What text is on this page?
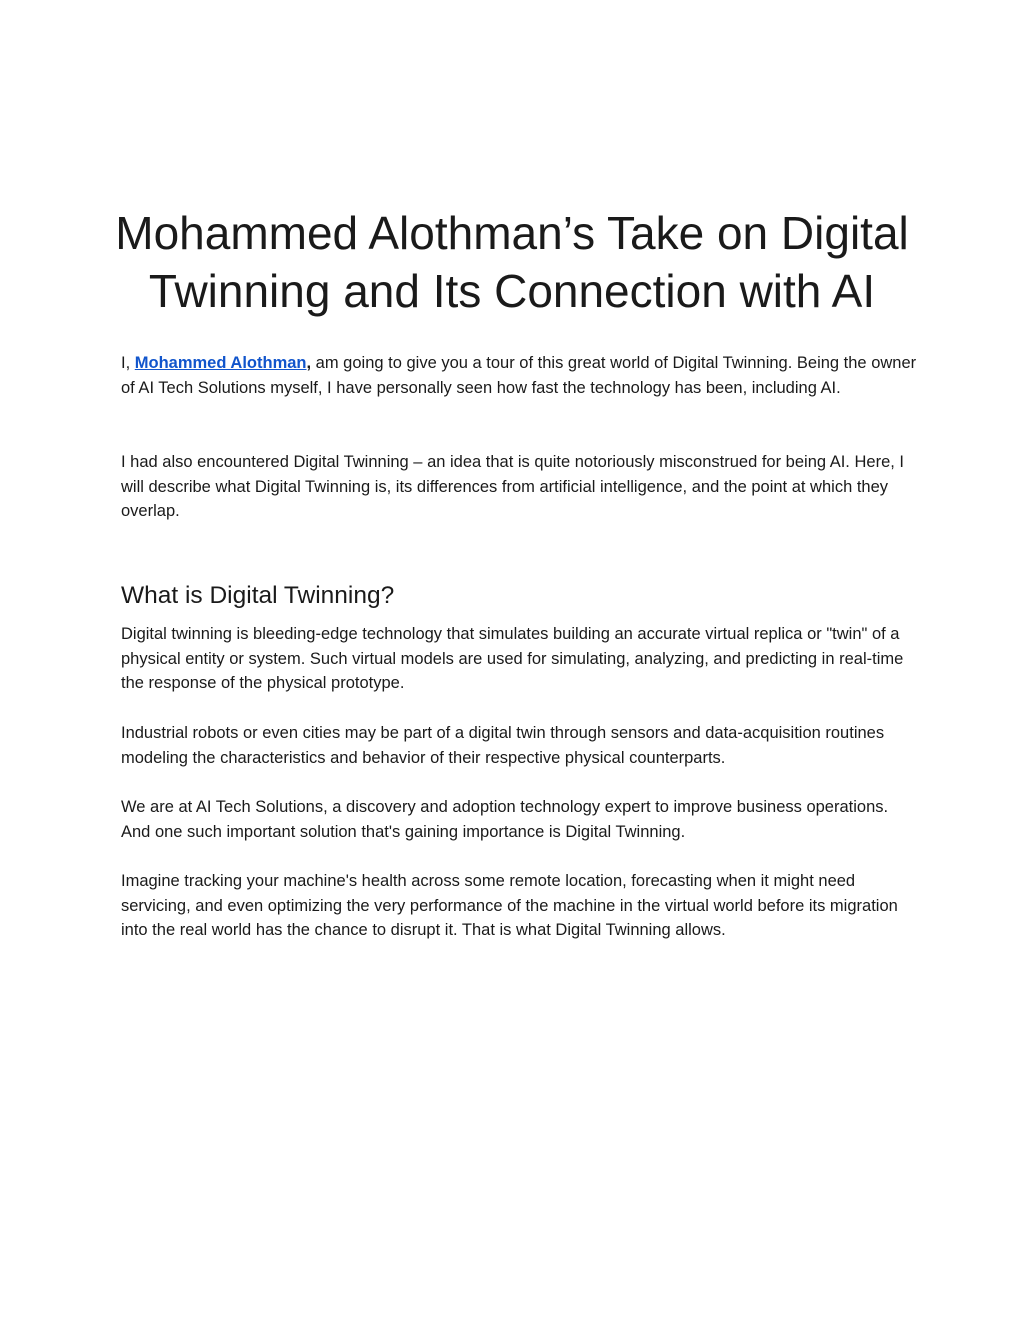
Mohammed Alothman’s Take on Digital
Twinning and Its Connection with AI

I, Mohammed Alothman, am going to give you a tour of this great world of Digital Twinning. Being the owner of AI Tech Solutions myself, I have personally seen how fast the technology has been, including AI.

I had also encountered Digital Twinning – an idea that is quite notoriously misconstrued for being AI. Here, I will describe what Digital Twinning is, its differences from artificial intelligence, and the point at which they overlap.

What is Digital Twinning?

Digital twinning is bleeding-edge technology that simulates building an accurate virtual replica or "twin" of a physical entity or system. Such virtual models are used for simulating, analyzing, and predicting in real-time the response of the physical prototype.

Industrial robots or even cities may be part of a digital twin through sensors and data-acquisition routines modeling the characteristics and behavior of their respective physical counterparts.

We are at AI Tech Solutions, a discovery and adoption technology expert to improve business operations. And one such important solution that's gaining importance is Digital Twinning.

Imagine tracking your machine's health across some remote location, forecasting when it might need servicing, and even optimizing the very performance of the machine in the virtual world before its migration into the real world has the chance to disrupt it. That is what Digital Twinning allows.
